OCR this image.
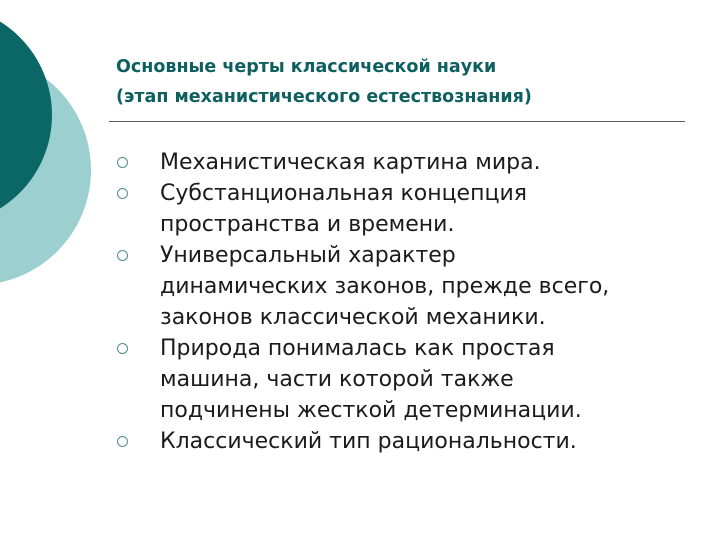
Основные черты классической науки
(этап механистического естествознания)
Механистическая картина мира.
Субстанциональная концепция
пространства и времени.
Универсальный характер
динамических законов, прежде всего,
законов классической механики.
Природа понималась как простая
машина, части которой также
подчинены жесткой детерминации.
Классический тип рациональности.
